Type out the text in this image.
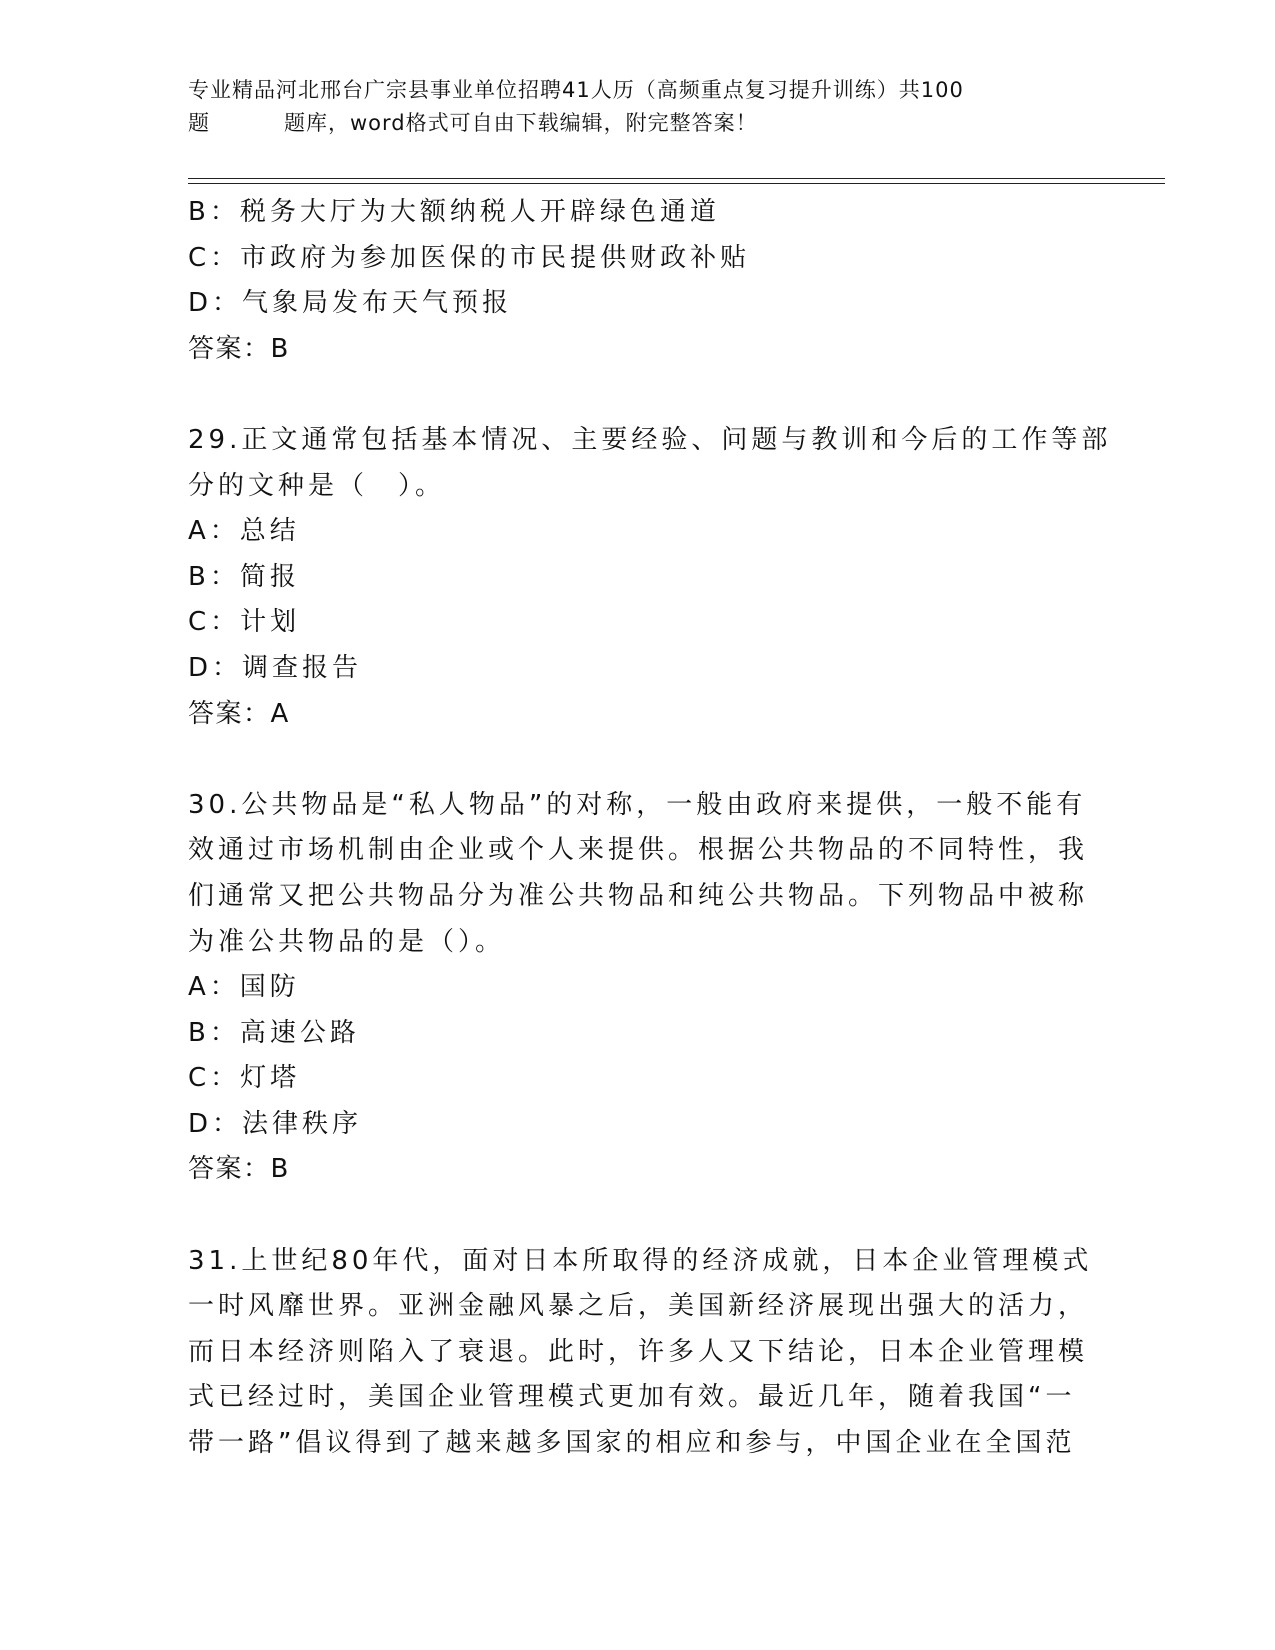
专业精品河北邢台广宗县事业单位招聘41人历（高频重点复习提升训练）共100
题	题库，word格式可自由下载编辑，附完整答案！
B：税务大厅为大额纳税人开辟绿色通道
C：市政府为参加医保的市民提供财政补贴
D：气象局发布天气预报
答案：B
29.正文通常包括基本情况、主要经验、问题与教训和今后的工作等部
分的文种是（　）。
A：总结
B：简报
C：计划
D：调查报告
答案：A
30.公共物品是“私人物品”的对称，一般由政府来提供，一般不能有
效通过市场机制由企业或个人来提供。根据公共物品的不同特性，我
们通常又把公共物品分为准公共物品和纯公共物品。下列物品中被称
为准公共物品的是（）。
A：国防
B：高速公路
C：灯塔
D：法律秩序
答案：B
31.上世纪80年代，面对日本所取得的经济成就，日本企业管理模式
一时风靡世界。亚洲金融风暴之后，美国新经济展现出强大的活力，
而日本经济则陷入了衰退。此时，许多人又下结论，日本企业管理模
式已经过时，美国企业管理模式更加有效。最近几年，随着我国“一
带一路”倡议得到了越来越多国家的相应和参与，中国企业在全国范
